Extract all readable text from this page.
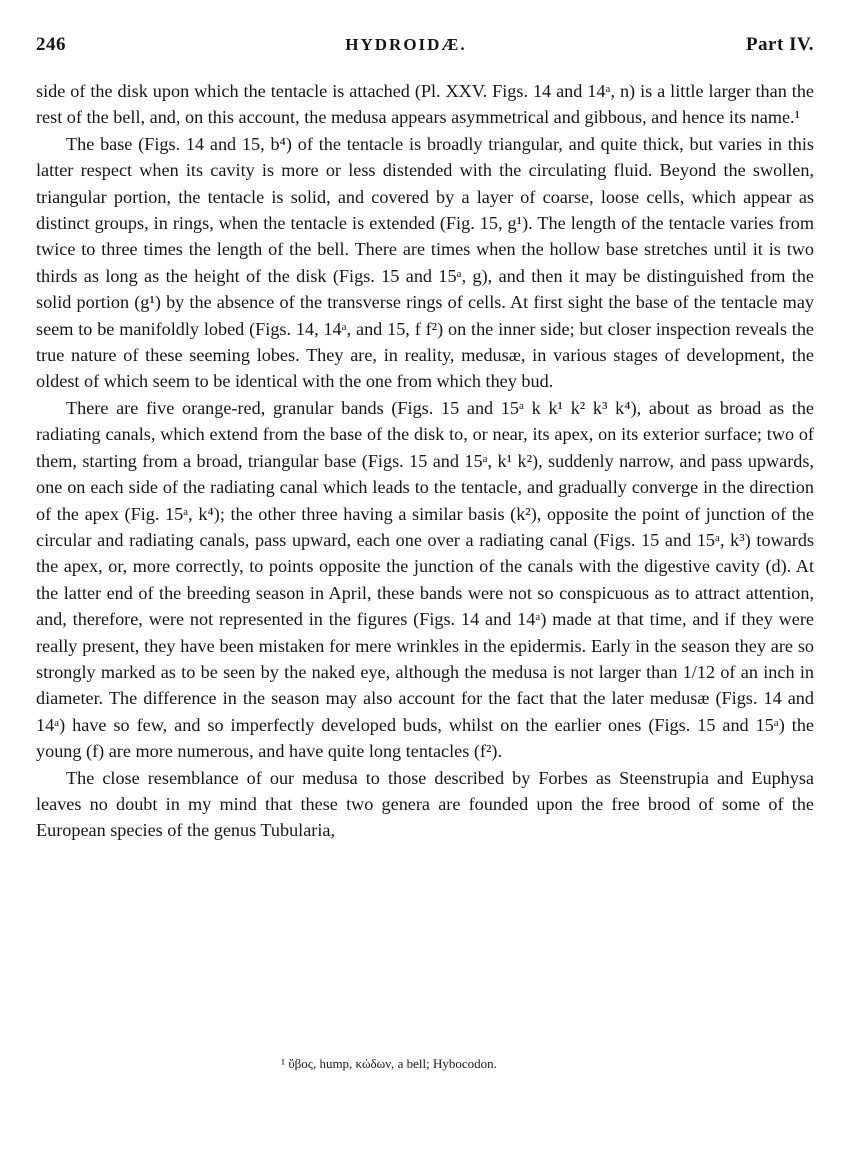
246	HYDROIDÆ.	Part IV.

side of the disk upon which the tentacle is attached (Pl. XXV. Figs. 14 and 14ᵃ, n) is a little larger than the rest of the bell, and, on this account, the medusa appears asymmetrical and gibbous, and hence its name.¹

The base (Figs. 14 and 15, b⁴) of the tentacle is broadly triangular, and quite thick, but varies in this latter respect when its cavity is more or less distended with the circulating fluid. Beyond the swollen, triangular portion, the tentacle is solid, and covered by a layer of coarse, loose cells, which appear as distinct groups, in rings, when the tentacle is extended (Fig. 15, g¹). The length of the tentacle varies from twice to three times the length of the bell. There are times when the hollow base stretches until it is two thirds as long as the height of the disk (Figs. 15 and 15ᵃ, g), and then it may be distinguished from the solid portion (g¹) by the absence of the transverse rings of cells. At first sight the base of the tentacle may seem to be manifoldly lobed (Figs. 14, 14ᵃ, and 15, f f²) on the inner side; but closer inspection reveals the true nature of these seeming lobes. They are, in reality, medusæ, in various stages of development, the oldest of which seem to be identical with the one from which they bud.

There are five orange-red, granular bands (Figs. 15 and 15ᵃ k k¹ k² k³ k⁴), about as broad as the radiating canals, which extend from the base of the disk to, or near, its apex, on its exterior surface; two of them, starting from a broad, triangular base (Figs. 15 and 15ᵃ, k¹ k²), suddenly narrow, and pass upwards, one on each side of the radiating canal which leads to the tentacle, and gradually converge in the direction of the apex (Fig. 15ᵃ, k⁴); the other three having a similar basis (k²), opposite the point of junction of the circular and radiating canals, pass upward, each one over a radiating canal (Figs. 15 and 15ᵃ, k³) towards the apex, or, more correctly, to points opposite the junction of the canals with the digestive cavity (d). At the latter end of the breeding season in April, these bands were not so conspicuous as to attract attention, and, therefore, were not represented in the figures (Figs. 14 and 14ᵃ) made at that time, and if they were really present, they have been mistaken for mere wrinkles in the epidermis. Early in the season they are so strongly marked as to be seen by the naked eye, although the medusa is not larger than 1/12 of an inch in diameter. The difference in the season may also account for the fact that the later medusæ (Figs. 14 and 14ᵃ) have so few, and so imperfectly developed buds, whilst on the earlier ones (Figs. 15 and 15ᵃ) the young (f) are more numerous, and have quite long tentacles (f²).

The close resemblance of our medusa to those described by Forbes as Steenstrupia and Euphysa leaves no doubt in my mind that these two genera are founded upon the free brood of some of the European species of the genus Tubularia,

¹ ὕβος, hump, κώδων, a bell; Hybocodon.
